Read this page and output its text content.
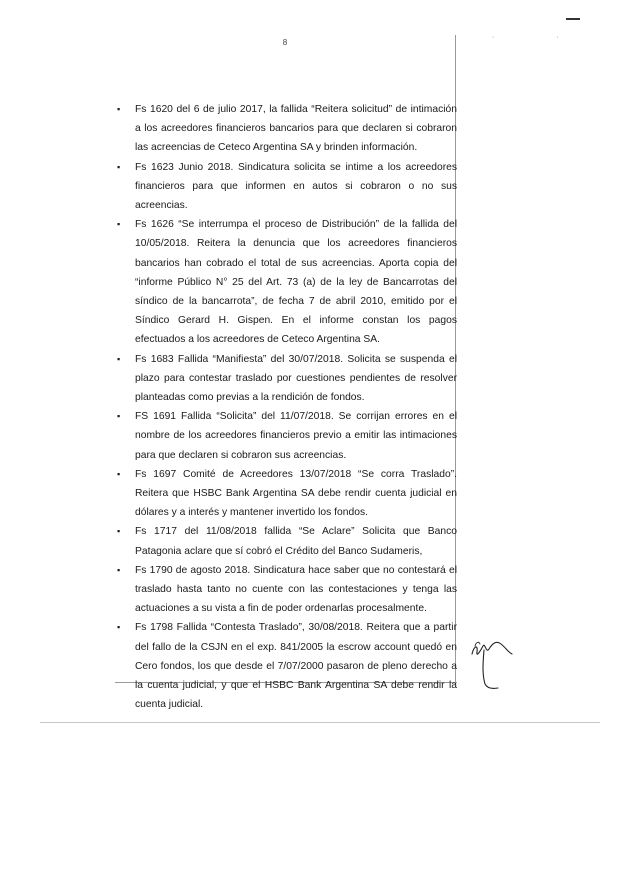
· ·
8
▪ Fs 1620 del 6 de julio 2017, la fallida “Reitera solicitud” de intimación a los acreedores financieros bancarios para que declaren si cobraron las acreencias de Ceteco Argentina SA y brinden información.
▪ Fs 1623 Junio 2018. Sindicatura solicita se intime a los acreedores financieros para que informen en autos si cobraron o no sus acreencias.
▪ Fs 1626 “Se interrumpa el proceso de Distribución” de la fallida del 10/05/2018. Reitera la denuncia que los acreedores financieros bancarios han cobrado el total de sus acreencias. Aporta copia del “informe Público N° 25 del Art. 73 (a) de la ley de Bancarrotas del síndico de la bancarrota”, de fecha 7 de abril 2010, emitido por el Síndico Gerard H. Gispen. En el informe constan los pagos efectuados a los acreedores de Ceteco Argentina SA.
▪ Fs 1683 Fallida “Manifiesta” del 30/07/2018. Solicita se suspenda el plazo para contestar traslado por cuestiones pendientes de resolver planteadas como previas a la rendición de fondos.
▪ FS 1691 Fallida “Solicita” del 11/07/2018. Se corrijan errores en el nombre de los acreedores financieros previo a emitir las intimaciones para que declaren si cobraron sus acreencias.
▪ Fs 1697 Comité de Acreedores 13/07/2018 “Se corra Traslado”. Reitera que HSBC Bank Argentina SA debe rendir cuenta judicial en dólares y a interés y mantener invertido los fondos.
▪ Fs 1717 del 11/08/2018 fallida “Se Aclare” Solicita que Banco Patagonia aclare que sí cobró el Crédito del Banco Sudameris,
▪ Fs 1790 de agosto 2018. Sindicatura hace saber que no contestará el traslado hasta tanto no cuente con las contestaciones y tenga las actuaciones a su vista a fin de poder ordenarlas procesalmente.
▪ Fs 1798 Fallida “Contesta Traslado”, 30/08/2018. Reitera que a partir del fallo de la CSJN en el exp. 841/2005 la escrow account quedó en Cero fondos, los que desde el 7/07/2000 pasaron de pleno derecho a la cuenta judicial, y que el HSBC Bank Argentina SA debe rendir la cuenta judicial.
